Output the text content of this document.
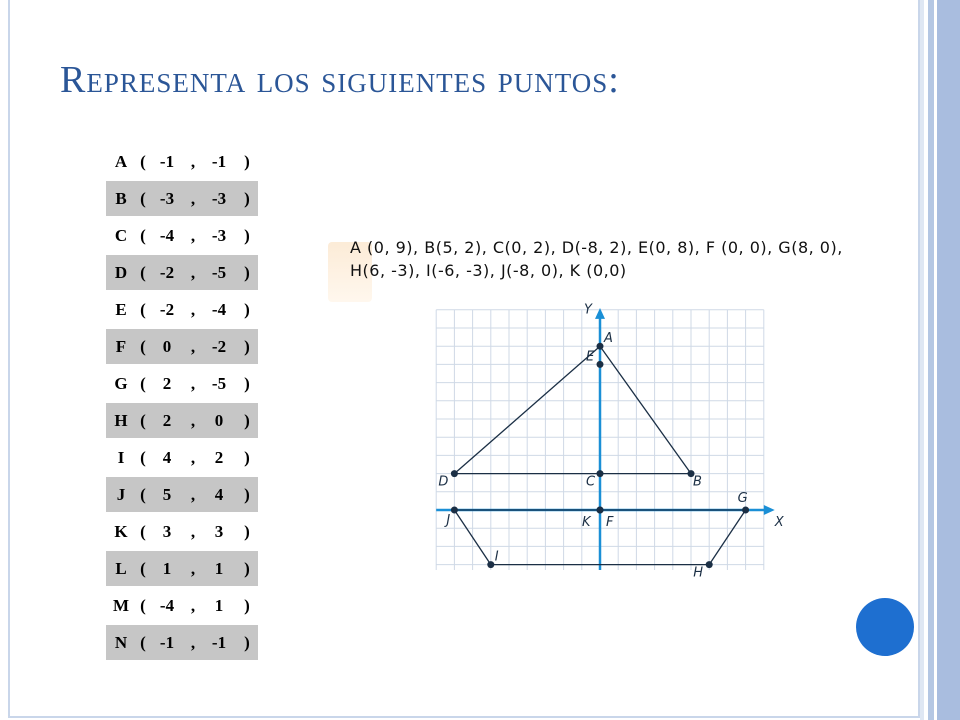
Representa los siguientes puntos:
A	(	-1	,	-1	)

B	(	-3	,	-3	)

C	(	-4	,	-3	)

D	(	-2	,	-5	)

E	(	-2	,	-4	)

F	(	0	,	-2	)

G	(	2	,	-5	)

H	(	2	,	0	)

I	(	4	,	2	)

J	(	5	,	4	)

K	(	3	,	3	)

L	(	1	,	1	)

M	(	-4	,	1	)

N	(	-1	,	-1	)
A (0, 9), B(5, 2), C(0, 2), D(-8, 2), E(0, 8), F (0, 0), G(8, 0), H(6, -3), I(-6, -3), J(-8, 0), K (0,0)
X
Y
A
B
C
D
E
F
G
H
I
J	K
